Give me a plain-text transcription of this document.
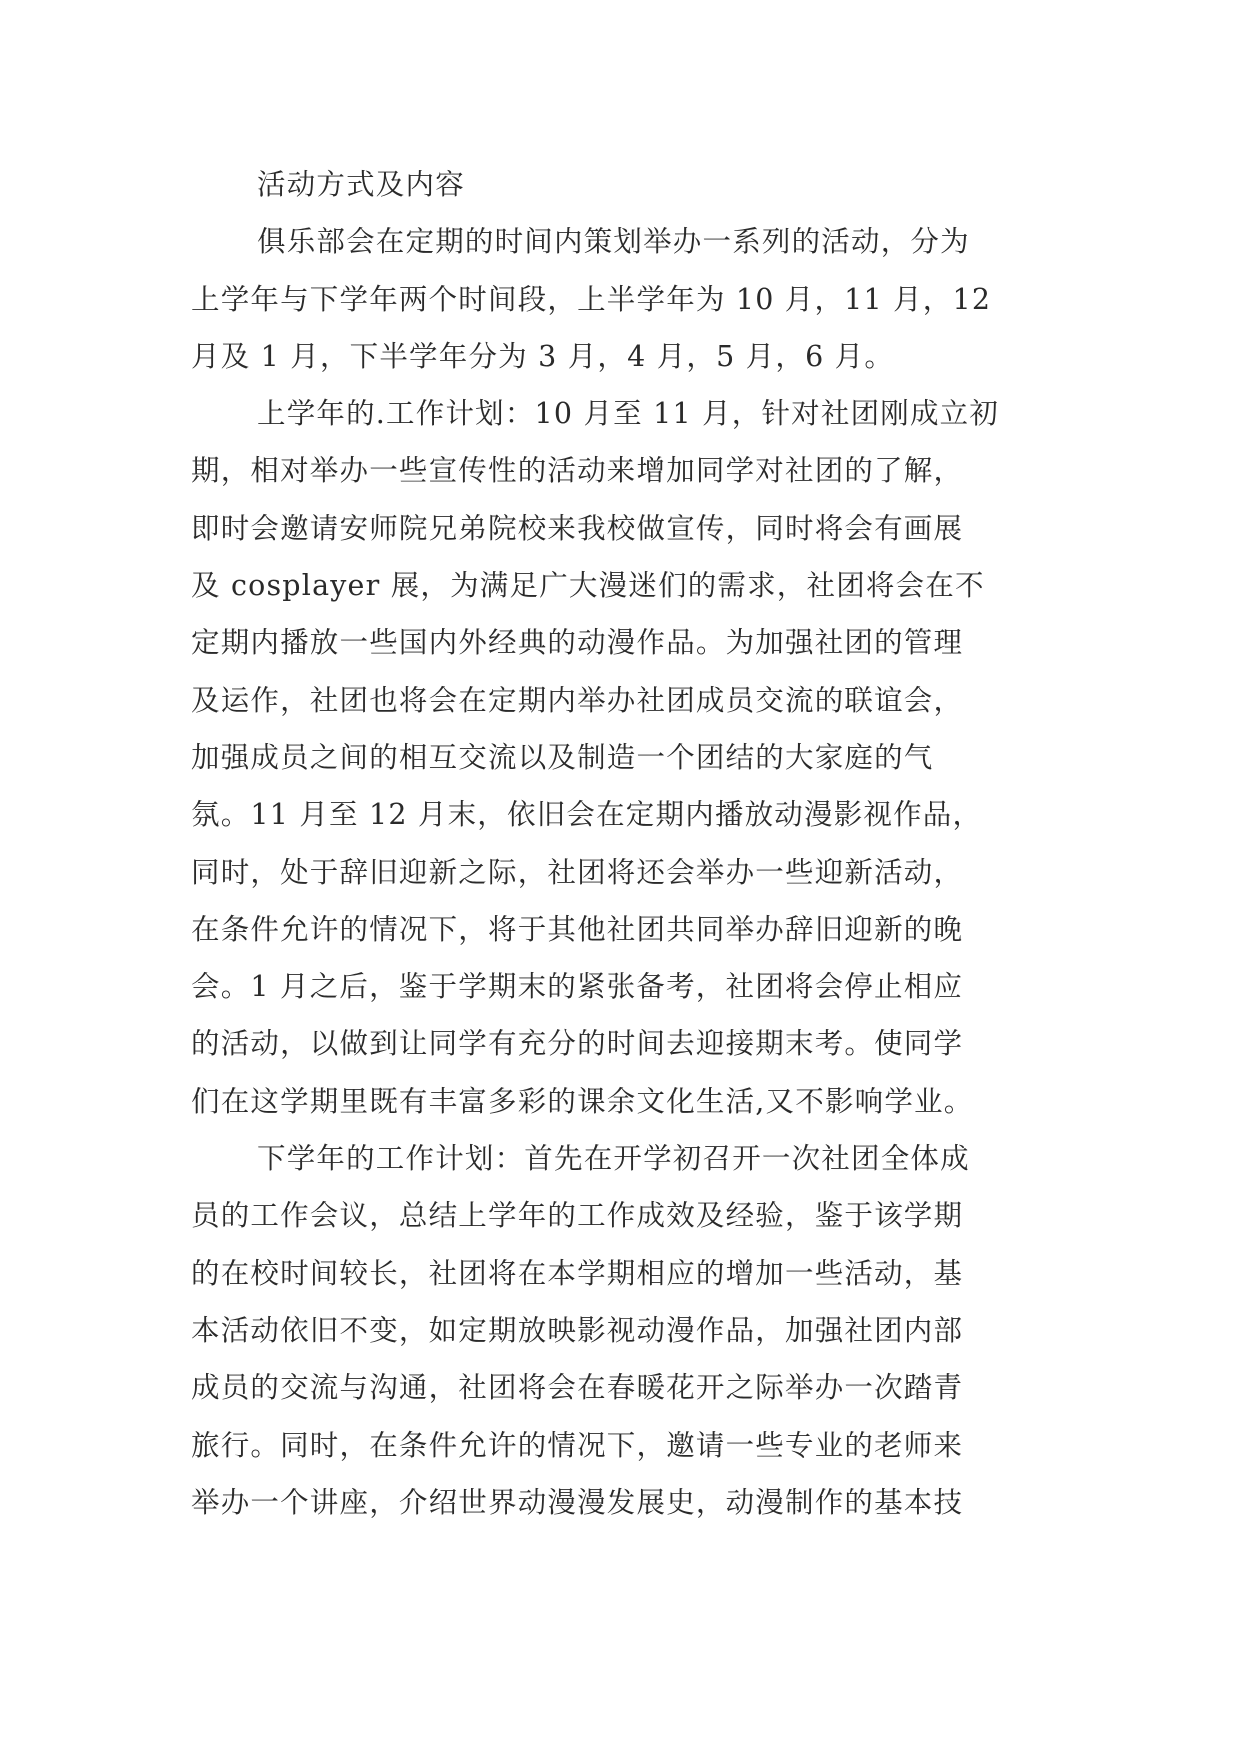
活动方式及内容
俱乐部会在定期的时间内策划举办一系列的活动，分为
上学年与下学年两个时间段，上半学年为 10 月，11 月，12
月及 1 月，下半学年分为 3 月，4 月，5 月，6 月。
上学年的.工作计划：10 月至 11 月，针对社团刚成立初
期，相对举办一些宣传性的活动来增加同学对社团的了解，
即时会邀请安师院兄弟院校来我校做宣传，同时将会有画展
及 cosplayer 展，为满足广大漫迷们的需求，社团将会在不
定期内播放一些国内外经典的动漫作品。为加强社团的管理
及运作，社团也将会在定期内举办社团成员交流的联谊会，
加强成员之间的相互交流以及制造一个团结的大家庭的气
氛。11 月至 12 月末，依旧会在定期内播放动漫影视作品，
同时，处于辞旧迎新之际，社团将还会举办一些迎新活动，
在条件允许的情况下，将于其他社团共同举办辞旧迎新的晚
会。1 月之后，鉴于学期末的紧张备考，社团将会停止相应
的活动，以做到让同学有充分的时间去迎接期末考。使同学
们在这学期里既有丰富多彩的课余文化生活,又不影响学业。
下学年的工作计划：首先在开学初召开一次社团全体成
员的工作会议，总结上学年的工作成效及经验，鉴于该学期
的在校时间较长，社团将在本学期相应的增加一些活动，基
本活动依旧不变，如定期放映影视动漫作品，加强社团内部
成员的交流与沟通，社团将会在春暖花开之际举办一次踏青
旅行。同时，在条件允许的情况下，邀请一些专业的老师来
举办一个讲座，介绍世界动漫漫发展史，动漫制作的基本技
